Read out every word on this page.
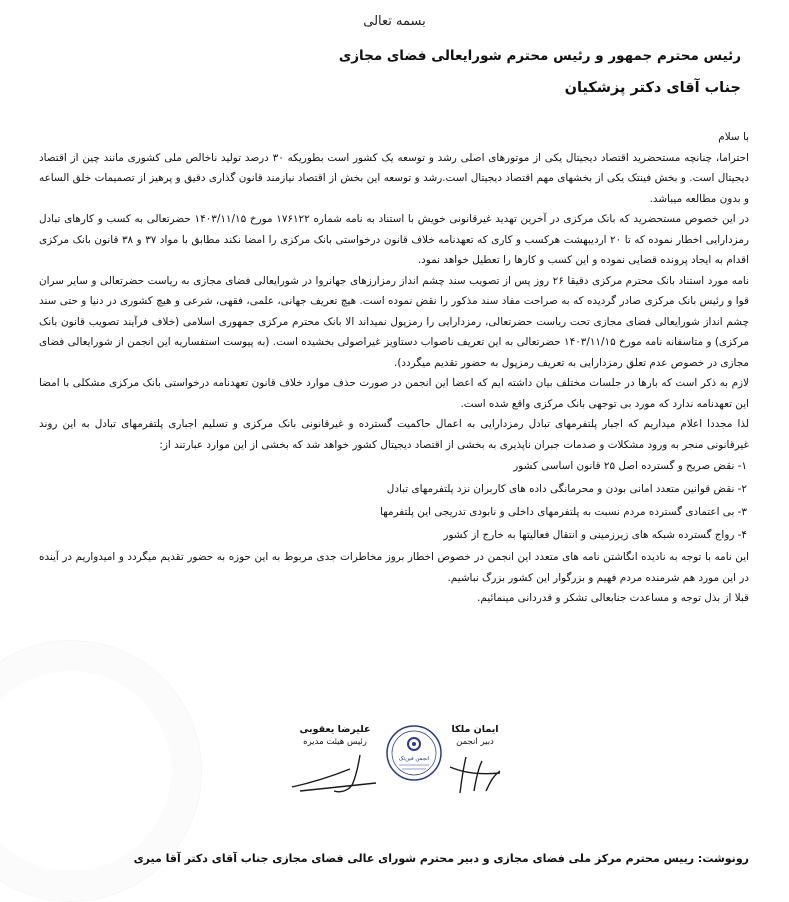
بسمه تعالی
رئیس محترم جمهور و رئیس محترم شورایعالی فضای مجازی
جناب آقای دکتر پزشکیان

با سلام

احتراما، چنانچه مستحضرید اقتصاد دیجیتال یکی از موتورهای اصلی رشد و توسعه یک کشور است بطوریکه ۳۰ درصد تولید ناخالص ملی کشوری مانند چین از اقتصاد دیجیتال است. و بخش فینتک یکی از بخشهای مهم اقتصاد دیجیتال است.رشد و توسعه این بخش از اقتصاد نیازمند قانون گذاری دقیق و پرهیز از تصمیمات خلق الساعه و بدون مطالعه میباشد.

در این خصوص مستحضرید که بانک مرکزی در آخرین تهدید غیرقانونی خویش با استناد به نامه شماره ۱۷۶۱۲۲ مورخ ۱۴۰۳/۱۱/۱۵ حضرتعالی به کسب و کارهای تبادل رمزدارایی اخطار نموده که تا ۲۰ اردیبهشت هرکسب و کاری که تعهدنامه خلاف قانون درخواستی بانک مرکزی را امضا نکند مطابق با مواد ۳۷ و ۳۸ قانون بانک مرکزی اقدام به ایجاد پرونده قضایی نموده و این کسب و کارها را تعطیل خواهد نمود.

نامه مورد استناد بانک محترم مرکزی دقیقا ۲۶ روز پس از تصویب سند چشم انداز رمزارزهای جهانروا در شورایعالی فضای مجازی به ریاست حضرتعالی و سایر سران قوا و رئیس بانک مرکزی صادر گردیده که به صراحت مفاد سند مذکور را نقض نموده است. هیچ تعریف جهانی، علمی، فقهی، شرعی و هیچ کشوری در دنیا و حتی سند چشم انداز شورایعالی فضای مجازی تحت ریاست حضرتعالی، رمزدارایی را رمزپول نمیداند الا بانک محترم مرکزی جمهوری اسلامی (خلاف فرآیند تصویب قانون بانک مرکزی) و متاسفانه نامه مورخ ۱۴۰۳/۱۱/۱۵ حضرتعالی به این تعریف ناصواب دستاویز غیراصولی بخشیده است. (به پیوست استفساریه این انجمن از شورایعالی فضای مجازی در خصوص عدم تعلق رمزدارایی به تعریف رمزپول به حضور تقدیم میگردد).

لازم به ذکر است که بارها در جلسات مختلف بیان داشته ایم که اعضا این انجمن در صورت حذف موارد خلاف قانون تعهدنامه درخواستی بانک مرکزی مشکلی با امضا این تعهدنامه ندارد که مورد بی توجهی بانک مرکزی واقع شده است.

لذا مجددا اعلام میداریم که اجبار پلتفرمهای تبادل رمزدارایی به اعمال حاکمیت گسترده و غیرقانونی بانک مرکزی و تسلیم اجباری پلتفرمهای تبادل به این روند غیرقانونی منجر به ورود مشکلات و صدمات جبران ناپذیری به بخشی از اقتصاد دیجیتال کشور خواهد شد که بخشی از این موارد عبارتند از:

۱- نقض صریح و گسترده اصل ۲۵ قانون اساسی کشور

۲- نقض قوانین متعدد امانی بودن و محرمانگی داده های کاربران نزد پلتفرمهای تبادل

۳- بی اعتمادی گسترده مردم نسبت به پلتفرمهای داخلی و نابودی تدریجی این پلتفرمها

۴- رواج گسترده شبکه های زیرزمینی و انتقال فعالیتها به خارج از کشور

این نامه با توجه به نادیده انگاشتن نامه های متعدد این انجمن در خصوص اخطار بروز مخاطرات جدی مربوط به این حوزه به حضور تقدیم میگردد و امیدواریم در آینده در این مورد هم شرمنده مردم فهیم و بزرگوار این کشور بزرگ نباشیم.

قبلا از بذل توجه و مساعدت جنابعالی تشکر و قدردانی مینمائیم.

علیرضا یعقوبی
رئیس هیئت مدیره
انجمن فین‌تک
ایمان ملکا
دبیر انجمن
رونوشت: رییس محترم مرکز ملی فضای مجازی و دبیر محترم شورای عالی فضای مجازی جناب آقای دکتر آقا میری
